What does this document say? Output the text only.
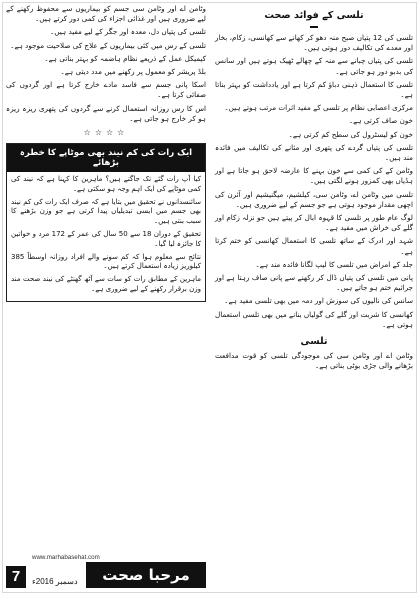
تلسی کے فوائد صحت

تلسی کی 12 پتیاں صبح منہ دھو کر کھانے سے کھانسی، زکام، بخار اور معدے کی تکالیف دور ہوتی ہیں۔

تلسی کی پتیاں چبانے سے منہ کے چھالے ٹھیک ہوتے ہیں اور سانس کی بدبو دور ہو جاتی ہے۔

تلسی کا استعمال ذہنی دباؤ کم کرتا ہے اور یادداشت کو بہتر بناتا ہے۔

مرکزی اعصابی نظام پر تلسی کے مفید اثرات مرتب ہوتے ہیں۔

خون صاف کرتی ہے۔

خون کو لیسٹرول کی سطح کم کرتی ہے۔

تلسی کی پتیاں گردے کی پتھری اور مثانے کی تکالیف میں فائدہ مند ہیں۔

وٹامن کے کی کمی سے خون بہنے کا عارضہ لاحق ہو جاتا ہے اور ہڈیاں بھی کمزور ہونے لگتی ہیں۔

تلسی میں وٹامن اے، وٹامن سی، کیلشیم، میگنیشیم اور آئرن کی اچھی مقدار موجود ہوتی ہے جو جسم کے لیے ضروری ہیں۔

لوگ عام طور پر تلسی کا قہوہ ابال کر پیتے ہیں جو نزلہ زکام اور گلے کی خراش میں مفید ہے۔

شہد اور ادرک کے ساتھ تلسی کا استعمال کھانسی کو ختم کرتا ہے۔

جلد کے امراض میں تلسی کا لیپ لگانا فائدہ مند ہے۔

پانی میں تلسی کی پتیاں ڈال کر رکھنے سے پانی صاف رہتا ہے اور جراثیم ختم ہو جاتے ہیں۔

سانس کی نالیوں کی سوزش اور دمہ میں بھی تلسی مفید ہے۔

کھانسی کا شربت اور گلے کی گولیاں بنانے میں بھی تلسی استعمال ہوتی ہے۔

تلسی

وٹامن اے اور وٹامن سی کی موجودگی تلسی کو قوت مدافعت بڑھانے والی جڑی بوٹی بناتی ہے۔

وٹامن اے اور وٹامن سی جسم کو بیماریوں سے محفوظ رکھنے کے لیے ضروری ہیں اور غذائی اجزاء کی کمی دور کرتے ہیں۔

تلسی کی پتیاں دل، معدہ اور جگر کے لیے مفید ہیں۔

تلسی کے رس میں کئی بیماریوں کے علاج کی صلاحیت موجود ہے۔

کیمیکل عمل کے ذریعے نظام ہاضمہ کو بہتر بناتی ہے۔

بلڈ پریشر کو معمول پر رکھنے میں مدد دیتی ہے۔

اسکا پانی جسم سے فاسد مادے خارج کرتا ہے اور گردوں کی صفائی کرتا ہے۔

اس کا رس روزانہ استعمال کرنے سے گردوں کی پتھری ریزہ ریزہ ہو کر خارج ہو جاتی ہے۔

☆☆☆☆
ایک رات کی کم نیند بھی موٹاپے کا خطرہ بڑھائے

کیا آپ رات گئے تک جاگتے ہیں؟ ماہرین کا کہنا ہے کہ نیند کی کمی موٹاپے کی ایک اہم وجہ ہو سکتی ہے۔

سائنسدانوں نے تحقیق میں بتایا ہے کہ صرف ایک رات کی کم نیند بھی جسم میں ایسی تبدیلیاں پیدا کرتی ہے جو وزن بڑھنے کا سبب بنتی ہیں۔

تحقیق کے دوران 18 سے 50 سال کی عمر کے 172 مرد و خواتین کا جائزہ لیا گیا۔

نتائج سے معلوم ہوا کہ کم سونے والے افراد روزانہ اوسطاً 385 کیلوریز زیادہ استعمال کرتے ہیں۔

ماہرین کے مطابق رات کو سات سے آٹھ گھنٹے کی نیند صحت مند وزن برقرار رکھنے کے لیے ضروری ہے۔

7
www.marhabasehat.com
دسمبر 2016ء	مرحبا صحت
